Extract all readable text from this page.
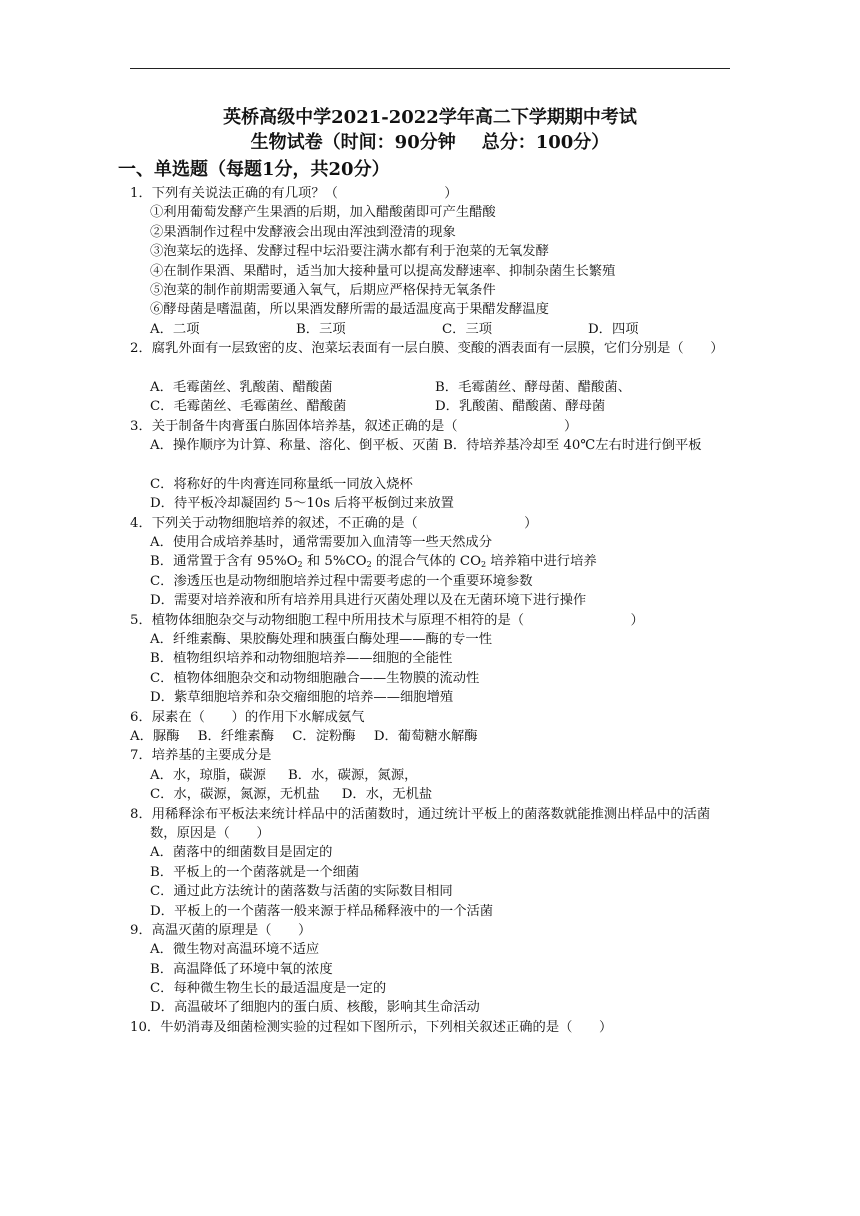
英桥高级中学2021-2022学年高二下学期期中考试
生物试卷（时间：90分钟 总分：100分）
一、单选题（每题1分，共20分）
1．下列有关说法正确的有几项？（　　　　　　　　）
①利用葡萄发酵产生果酒的后期，加入醋酸菌即可产生醋酸
②果酒制作过程中发酵液会出现由浑浊到澄清的现象
③泡菜坛的选择、发酵过程中坛沿要注满水都有利于泡菜的无氧发酵
④在制作果酒、果醋时，适当加大接种量可以提高发酵速率、抑制杂菌生长繁殖
⑤泡菜的制作前期需要通入氧气，后期应严格保持无氧条件
⑥酵母菌是嗜温菌，所以果酒发酵所需的最适温度高于果醋发酵温度
A．二项	B．三项	C．三项	D．四项
2．腐乳外面有一层致密的皮、泡菜坛表面有一层白膜、变酸的酒表面有一层膜，它们分别是（　　）
A．毛霉菌丝、乳酸菌、醋酸菌	B．毛霉菌丝、酵母菌、醋酸菌、
C．毛霉菌丝、毛霉菌丝、醋酸菌	D．乳酸菌、醋酸菌、酵母菌
3．关于制备牛肉膏蛋白胨固体培养基，叙述正确的是（　　　　　　　　）
A．操作顺序为计算、称量、溶化、倒平板、灭菌 B．待培养基冷却至 40℃左右时进行倒平板
C．将称好的牛肉膏连同称量纸一同放入烧杯
D．待平板冷却凝固约 5～10s 后将平板倒过来放置
4．下列关于动物细胞培养的叙述，不正确的是（　　　　　　　　）
A．使用合成培养基时，通常需要加入血清等一些天然成分
B．通常置于含有 $95\%O_2$ 和 $5\%CO_2$ 的混合气体的 $CO_2$ 培养箱中进行培养
C．渗透压也是动物细胞培养过程中需要考虑的一个重要环境参数
D．需要对培养液和所有培养用具进行灭菌处理以及在无菌环境下进行操作
5．植物体细胞杂交与动物细胞工程中所用技术与原理不相符的是（　　　　　　　　）
A．纤维素酶、果胶酶处理和胰蛋白酶处理——酶的专一性
B．植物组织培养和动物细胞培养——细胞的全能性
C．植物体细胞杂交和动物细胞融合——生物膜的流动性
D．紫草细胞培养和杂交瘤细胞的培养——细胞增殖
6．尿素在（　　）的作用下水解成氨气
A．脲酶 B．纤维素酶 C．淀粉酶 D．葡萄糖水解酶
7．培养基的主要成分是
A．水，琼脂，碳源 B．水，碳源，氮源，
C．水，碳源，氮源，无机盐 D．水，无机盐
8．用稀释涂布平板法来统计样品中的活菌数时，通过统计平板上的菌落数就能推测出样品中的活菌数，原因是（　　）
A．菌落中的细菌数目是固定的
B．平板上的一个菌落就是一个细菌
C．通过此方法统计的菌落数与活菌的实际数目相同
D．平板上的一个菌落一般来源于样品稀释液中的一个活菌
9．高温灭菌的原理是（　　）
A．微生物对高温环境不适应
B．高温降低了环境中氧的浓度
C．每种微生物生长的最适温度是一定的
D．高温破坏了细胞内的蛋白质、核酸，影响其生命活动
10．牛奶消毒及细菌检测实验的过程如下图所示，下列相关叙述正确的是（　　）
